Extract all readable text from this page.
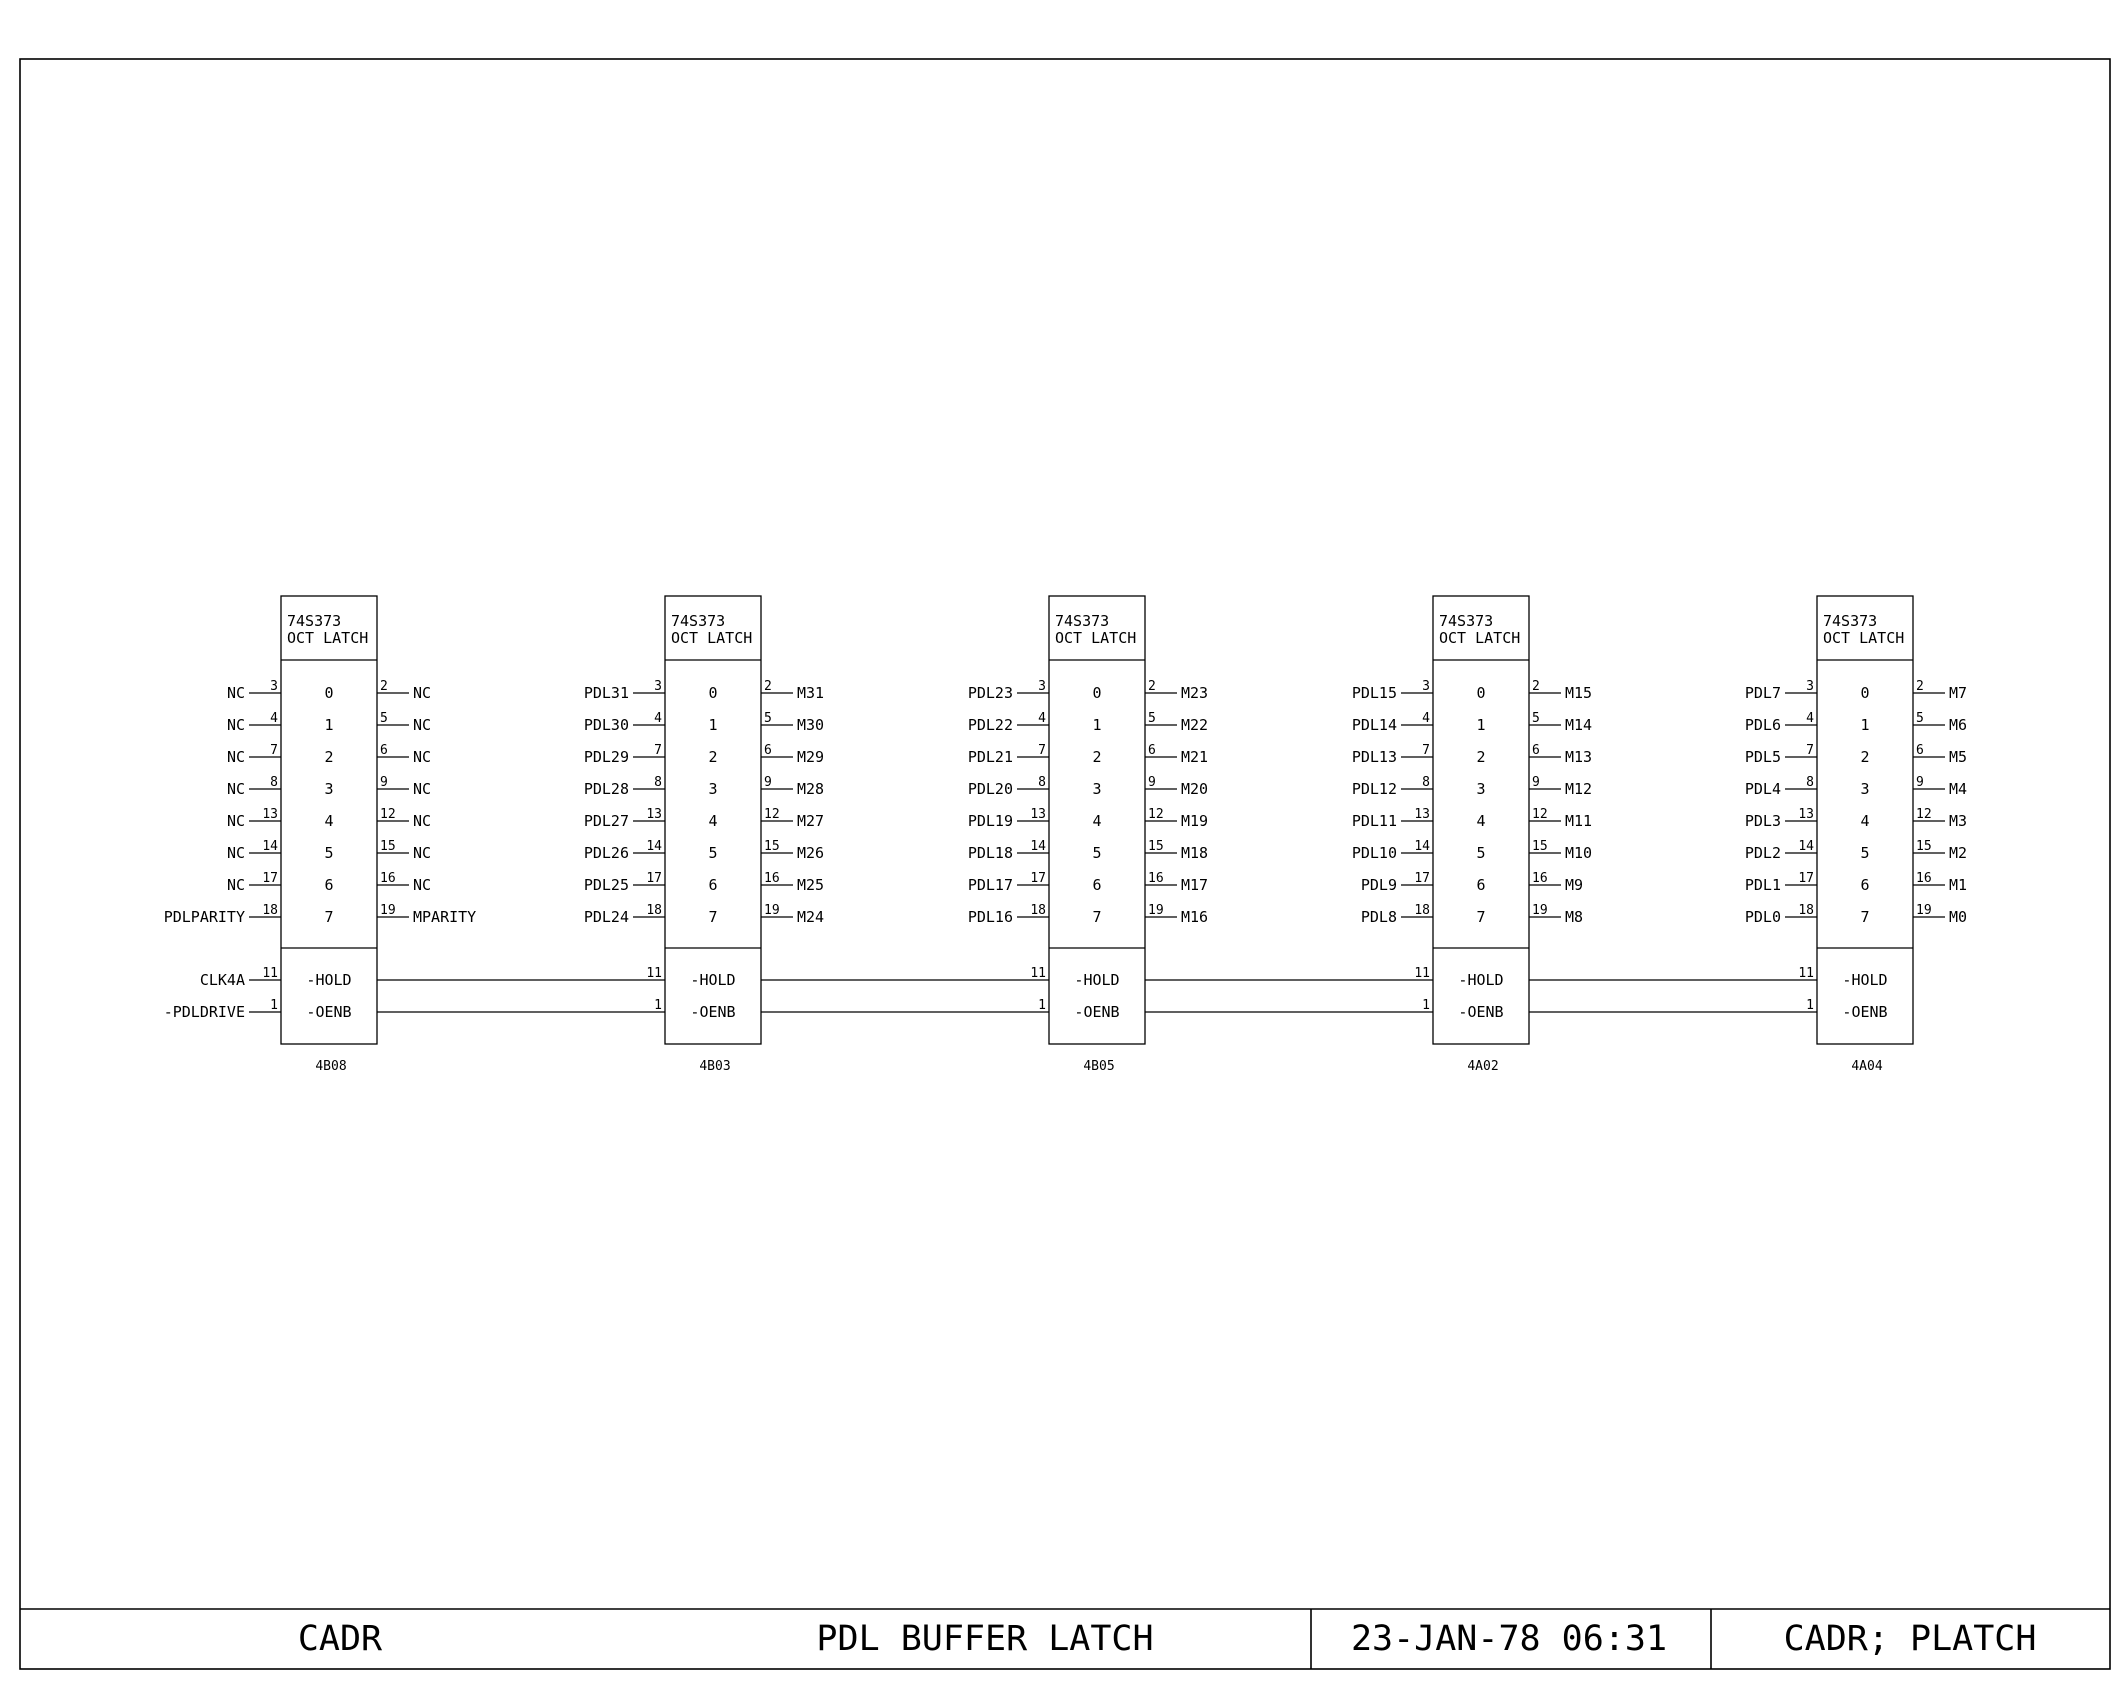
CADR	PDL BUFFER LATCH	23-JAN-78 06:31	CADR; PLATCH
74S373
OCT LATCH
0
3
NC	2 NC
1
4
NC	5 NC
2
7
NC	6 NC
3
8
NC	9 NC
4
13
NC	12 NC
5
14
NC	15 NC
6
17
NC	16 NC
7
18
PDLPARITY	19 MPARITY
-HOLD
-OENB
11
1
CLK4A
-PDLDRIVE
4B08
74S373
OCT LATCH
0
3
PDL31	2 M31
1
4
PDL30	5 M30
2
7
PDL29	6 M29
3
8
PDL28	9 M28
4
13
PDL27	12 M27
5
14
PDL26	15 M26
6
17
PDL25	16 M25
7
18
PDL24	19 M24
-HOLD
-OENB
11
1
4B03
74S373
OCT LATCH
0
3
PDL23	2 M23
1
4
PDL22	5 M22
2
7
PDL21	6 M21
3
8
PDL20	9 M20
4
13
PDL19	12 M19
5
14
PDL18	15 M18
6
17
PDL17	16 M17
7
18
PDL16	19 M16
-HOLD
-OENB
11
1
4B05
74S373
OCT LATCH
0
3
PDL15	2 M15
1
4
PDL14	5 M14
2
7
PDL13	6 M13
3
8
PDL12	9 M12
4
13
PDL11	12 M11
5
14
PDL10	15 M10
6
17
PDL9	16 M9
7
18
PDL8	19 M8
-HOLD
-OENB
11
1
4A02
74S373
OCT LATCH
0
3
PDL7	2 M7
1
4
PDL6	5 M6
2
7
PDL5	6 M5
3
8
PDL4	9 M4
4
13
PDL3	12 M3
5
14
PDL2	15 M2
6
17
PDL1	16 M1
7
18
PDL0	19 M0
-HOLD
-OENB
11
1
4A04
